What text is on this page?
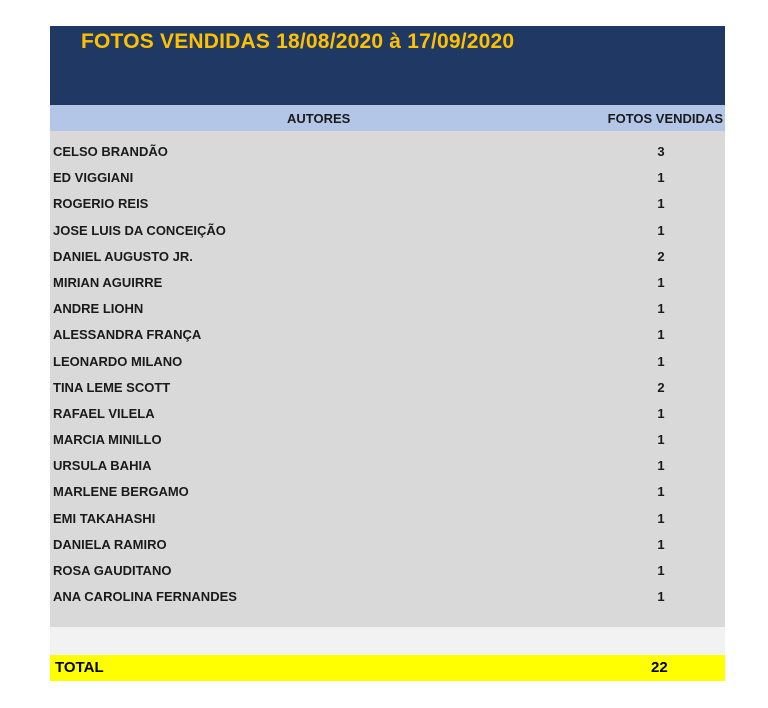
FOTOS VENDIDAS 18/08/2020 à 17/09/2020
AUTORES	FOTOS VENDIDAS
CELSO BRANDÃO	3
ED VIGGIANI	1
ROGERIO REIS	1
JOSE LUIS DA CONCEIÇÃO	1
DANIEL AUGUSTO JR.	2
MIRIAN AGUIRRE	1
ANDRE LIOHN	1
ALESSANDRA FRANÇA	1
LEONARDO MILANO	1
TINA LEME SCOTT	2
RAFAEL VILELA	1
MARCIA MINILLO	1
URSULA BAHIA	1
MARLENE BERGAMO	1
EMI TAKAHASHI	1
DANIELA RAMIRO	1
ROSA GAUDITANO	1
ANA CAROLINA FERNANDES	1
TOTAL	22
